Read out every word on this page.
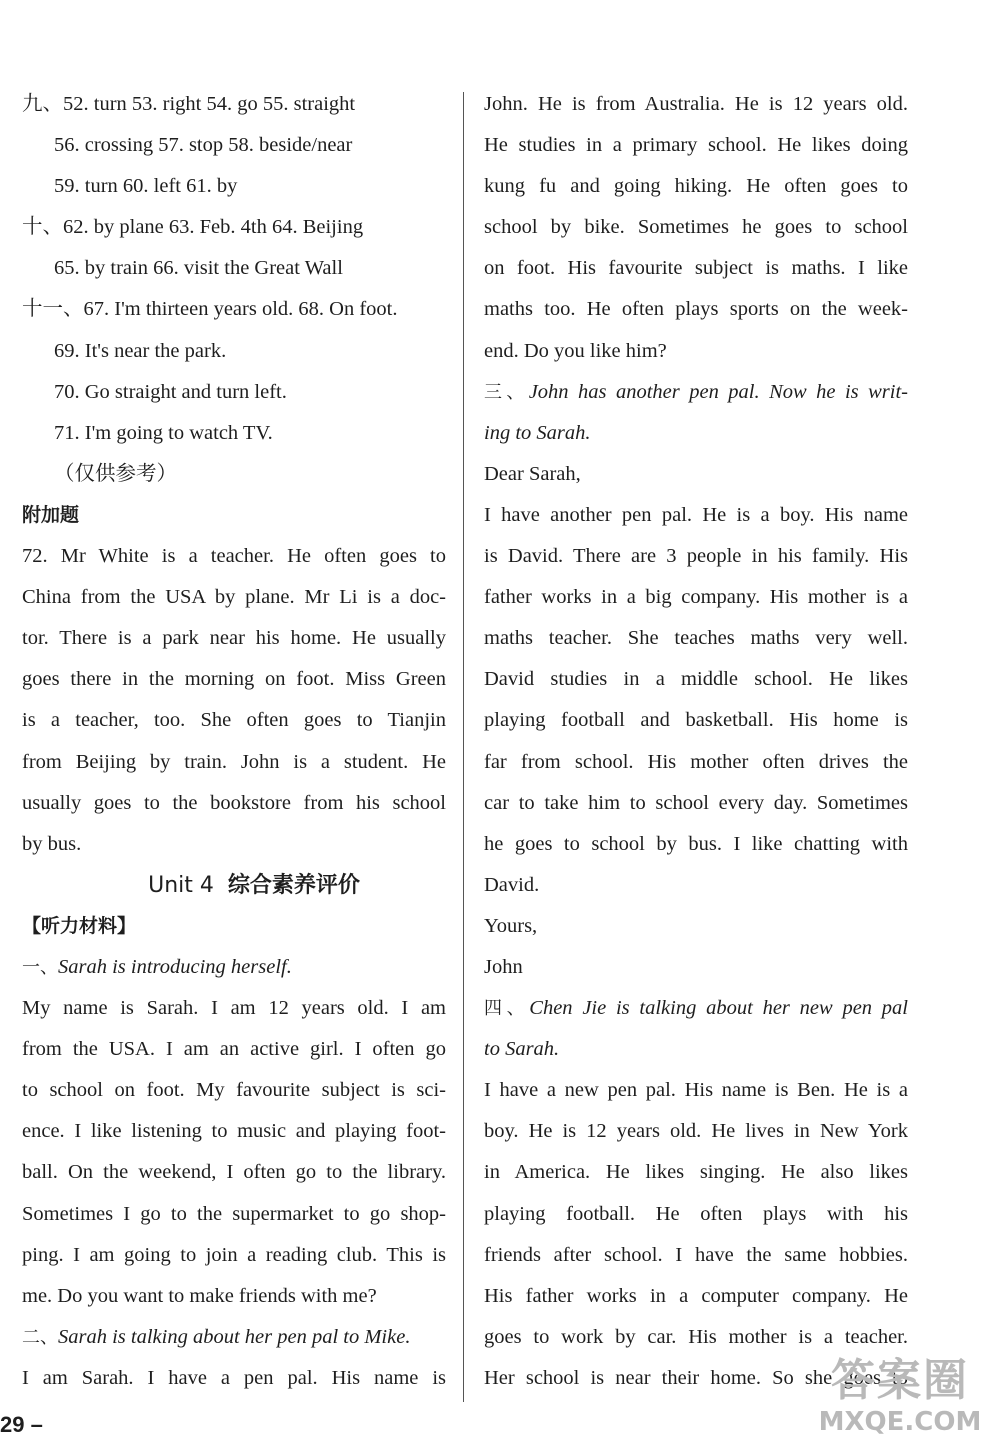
九、52. turn 53. right 54. go 55. straight
56. crossing 57. stop 58. beside/near
59. turn 60. left 61. by
十、62. by plane 63. Feb. 4th 64. Beijing
65. by train 66. visit the Great Wall
十一、67. I'm thirteen years old. 68. On foot.
69. It's near the park.
70. Go straight and turn left.
71. I'm going to watch TV.
（仅供参考）
附加题
72. Mr White is a teacher. He often goes to
China from the USA by plane. Mr Li is a doc-
tor. There is a park near his home. He usually
goes there in the morning on foot. Miss Green
is a teacher, too. She often goes to Tianjin
from Beijing by train. John is a student. He
usually goes to the bookstore from his school
by bus.
Unit 4 综合素养评价
【听力材料】
一、Sarah is introducing herself.
My name is Sarah. I am 12 years old. I am
from the USA. I am an active girl. I often go
to school on foot. My favourite subject is sci-
ence. I like listening to music and playing foot-
ball. On the weekend, I often go to the library.
Sometimes I go to the supermarket to go shop-
ping. I am going to join a reading club. This is
me. Do you want to make friends with me?
二、Sarah is talking about her pen pal to Mike.
I am Sarah. I have a pen pal. His name is
John. He is from Australia. He is 12 years old.
He studies in a primary school. He likes doing
kung fu and going hiking. He often goes to
school by bike. Sometimes he goes to school
on foot. His favourite subject is maths. I like
maths too. He often plays sports on the week-
end. Do you like him?
三、John has another pen pal. Now he is writ-
ing to Sarah.
Dear Sarah,
I have another pen pal. He is a boy. His name
is David. There are 3 people in his family. His
father works in a big company. His mother is a
maths teacher. She teaches maths very well.
David studies in a middle school. He likes
playing football and basketball. His home is
far from school. His mother often drives the
car to take him to school every day. Sometimes
he goes to school by bus. I like chatting with
David.
Yours,
John
四、Chen Jie is talking about her new pen pal
to Sarah.
I have a new pen pal. His name is Ben. He is a
boy. He is 12 years old. He lives in New York
in America. He likes singing. He also likes
playing football. He often plays with his
friends after school. I have the same hobbies.
His father works in a computer company. He
goes to work by car. His mother is a teacher.
Her school is near their home. So she goes to
29 –
答案圈
MXQE.COM
